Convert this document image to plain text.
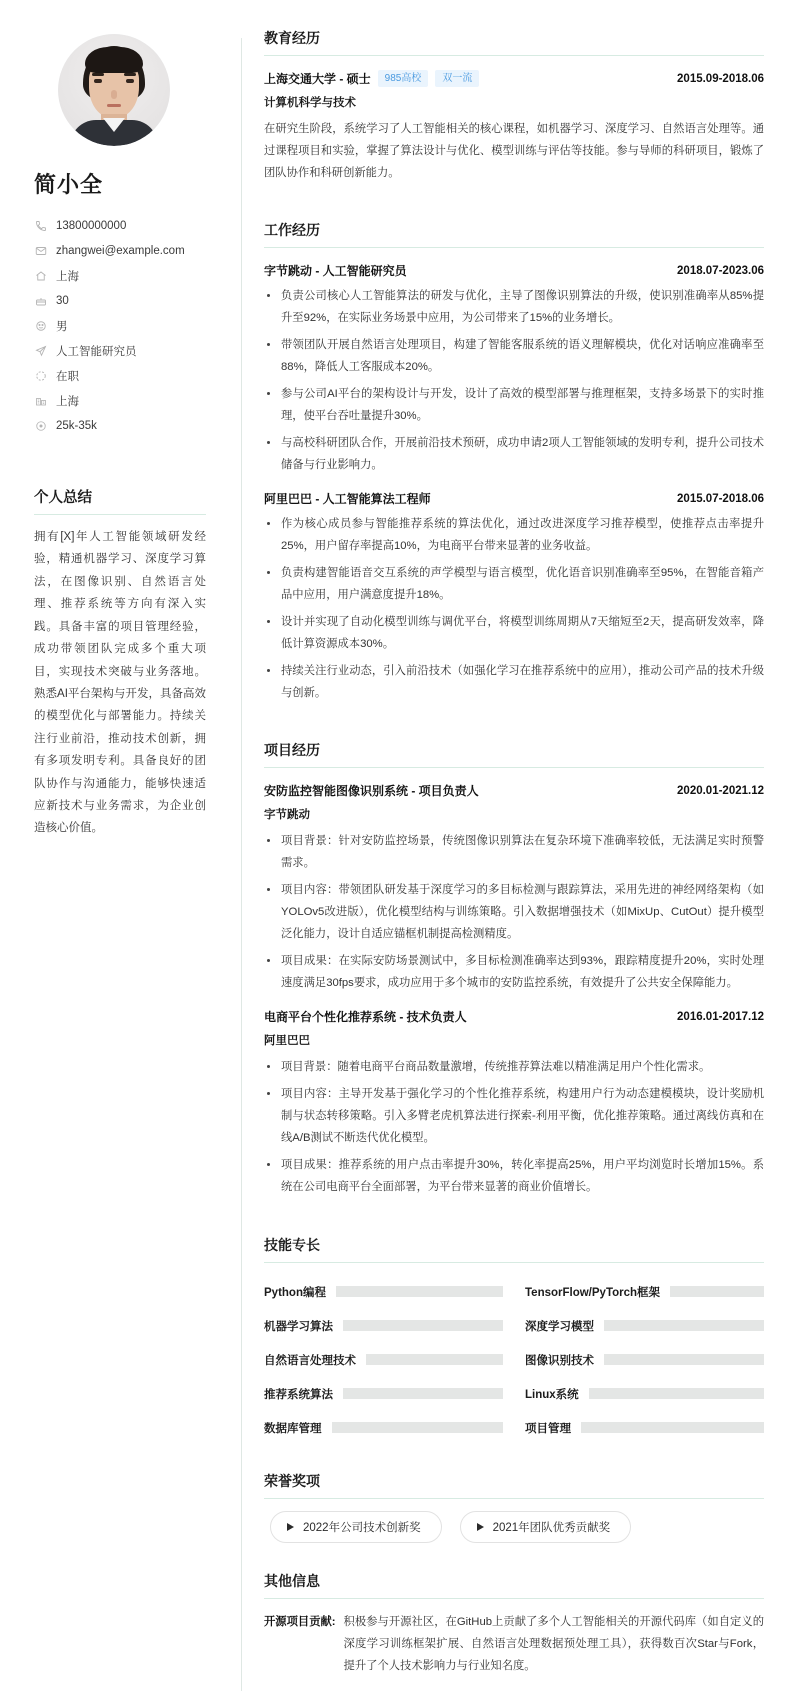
简小全
13800000000
zhangwei@example.com
上海
30
男
人工智能研究员
在职
上海
25k-35k
个人总结
拥有[X]年人工智能领域研发经验，精通机器学习、深度学习算法，在图像识别、自然语言处理、推荐系统等方向有深入实践。具备丰富的项目管理经验，成功带领团队完成多个重大项目，实现技术突破与业务落地。熟悉AI平台架构与开发，具备高效的模型优化与部署能力。持续关注行业前沿，推动技术创新，拥有多项发明专利。具备良好的团队协作与沟通能力，能够快速适应新技术与业务需求，为企业创造核心价值。
教育经历
上海交通大学 - 硕士	985高校	双一流	2015.09-2018.06
计算机科学与技术
在研究生阶段，系统学习了人工智能相关的核心课程，如机器学习、深度学习、自然语言处理等。通过课程项目和实验，掌握了算法设计与优化、模型训练与评估等技能。参与导师的科研项目，锻炼了团队协作和科研创新能力。
工作经历
字节跳动 - 人工智能研究员	2018.07-2023.06
负责公司核心人工智能算法的研发与优化，主导了图像识别算法的升级，使识别准确率从85%提升至92%，在实际业务场景中应用，为公司带来了15%的业务增长。
带领团队开展自然语言处理项目，构建了智能客服系统的语义理解模块，优化对话响应准确率至88%，降低人工客服成本20%。
参与公司AI平台的架构设计与开发，设计了高效的模型部署与推理框架，支持多场景下的实时推理，使平台吞吐量提升30%。
与高校科研团队合作，开展前沿技术预研，成功申请2项人工智能领域的发明专利，提升公司技术储备与行业影响力。
阿里巴巴 - 人工智能算法工程师	2015.07-2018.06
作为核心成员参与智能推荐系统的算法优化，通过改进深度学习推荐模型，使推荐点击率提升25%，用户留存率提高10%，为电商平台带来显著的业务收益。
负责构建智能语音交互系统的声学模型与语言模型，优化语音识别准确率至95%，在智能音箱产品中应用，用户满意度提升18%。
设计并实现了自动化模型训练与调优平台，将模型训练周期从7天缩短至2天，提高研发效率，降低计算资源成本30%。
持续关注行业动态，引入前沿技术（如强化学习在推荐系统中的应用），推动公司产品的技术升级与创新。
项目经历
安防监控智能图像识别系统 - 项目负责人	2020.01-2021.12
字节跳动
项目背景：针对安防监控场景，传统图像识别算法在复杂环境下准确率较低，无法满足实时预警需求。
项目内容：带领团队研发基于深度学习的多目标检测与跟踪算法，采用先进的神经网络架构（如YOLOv5改进版），优化模型结构与训练策略。引入数据增强技术（如MixUp、CutOut）提升模型泛化能力，设计自适应锚框机制提高检测精度。
项目成果：在实际安防场景测试中，多目标检测准确率达到93%，跟踪精度提升20%，实时处理速度满足30fps要求，成功应用于多个城市的安防监控系统，有效提升了公共安全保障能力。
电商平台个性化推荐系统 - 技术负责人	2016.01-2017.12
阿里巴巴
项目背景：随着电商平台商品数量激增，传统推荐算法难以精准满足用户个性化需求。
项目内容：主导开发基于强化学习的个性化推荐系统，构建用户行为动态建模模块，设计奖励机制与状态转移策略。引入多臂老虎机算法进行探索-利用平衡，优化推荐策略。通过离线仿真和在线A/B测试不断迭代优化模型。
项目成果：推荐系统的用户点击率提升30%，转化率提高25%，用户平均浏览时长增加15%。系统在公司电商平台全面部署，为平台带来显著的商业价值增长。
技能专长
Python编程	TensorFlow/PyTorch框架
机器学习算法	深度学习模型
自然语言处理技术	图像识别技术
推荐系统算法	Linux系统
数据库管理	项目管理
荣誉奖项
2022年公司技术创新奖	2021年团队优秀贡献奖
其他信息
开源项目贡献: 积极参与开源社区，在GitHub上贡献了多个人工智能相关的开源代码库（如自定义的深度学习训练框架扩展、自然语言处理数据预处理工具），获得数百次Star与Fork，提升了个人技术影响力与行业知名度。
